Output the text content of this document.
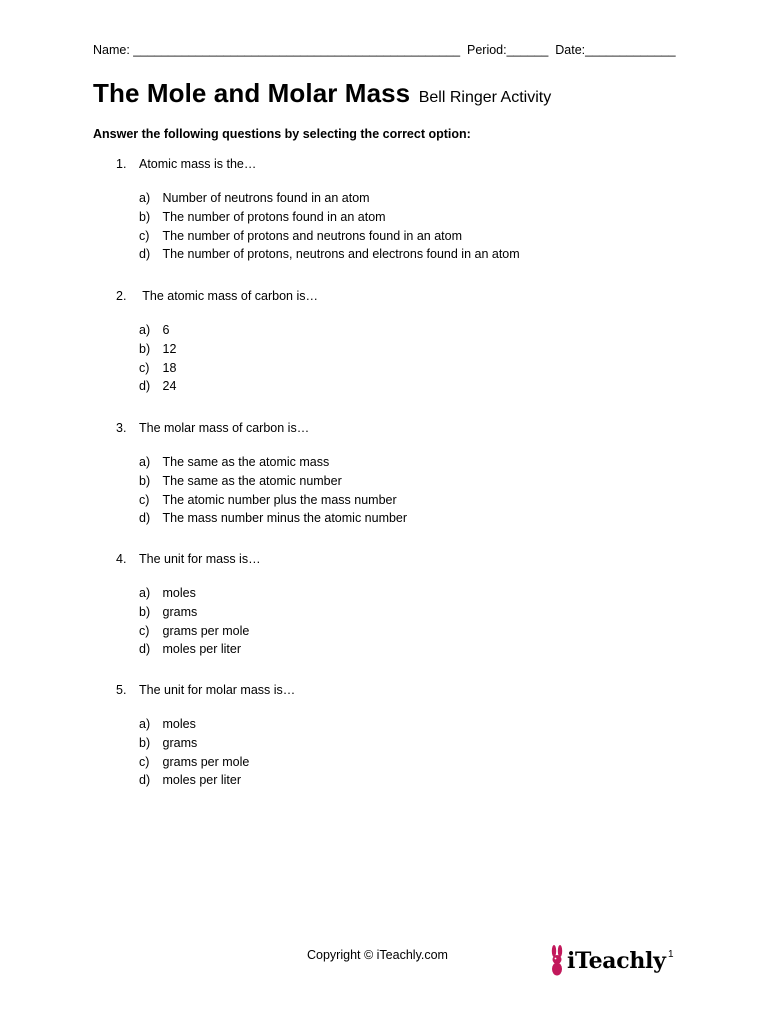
Name: _______________________________________________ Period:______ Date:_____________
The Mole and Molar Mass Bell Ringer Activity
Answer the following questions by selecting the correct option:
1. Atomic mass is the…
a) Number of neutrons found in an atom
b) The number of protons found in an atom
c) The number of protons and neutrons found in an atom
d) The number of protons, neutrons and electrons found in an atom
2. The atomic mass of carbon is…
a) 6
b) 12
c) 18
d) 24
3. The molar mass of carbon is…
a) The same as the atomic mass
b) The same as the atomic number
c) The atomic number plus the mass number
d) The mass number minus the atomic number
4. The unit for mass is…
a) moles
b) grams
c) grams per mole
d) moles per liter
5. The unit for molar mass is…
a) moles
b) grams
c) grams per mole
d) moles per liter
Copyright © iTeachly.com	iTeachly 1
